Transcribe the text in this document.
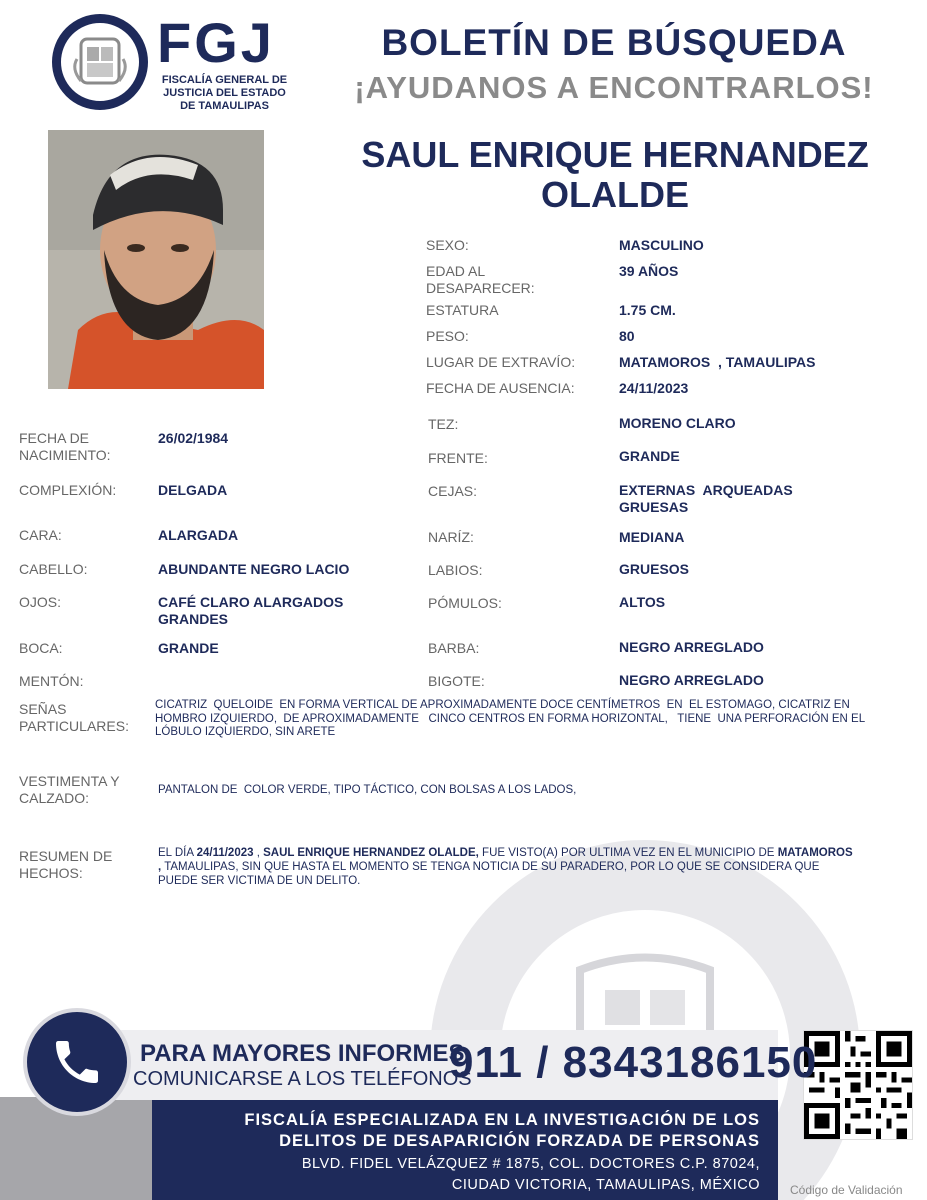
FGJ
FISCALÍA GENERAL DE JUSTICIA DEL ESTADO DE TAMAULIPAS
BOLETÍN DE BÚSQUEDA
¡AYUDANOS A ENCONTRARLOS!
SAUL ENRIQUE HERNANDEZ OLALDE
SEXO:	MASCULINO
EDAD AL DESAPARECER:
39 AÑOS
ESTATURA	1.75 CM.
PESO:	80
LUGAR DE EXTRAVÍO:	MATAMOROS  , TAMAULIPAS
FECHA DE AUSENCIA:	24/11/2023
FECHA DE NACIMIENTO:
26/02/1984
COMPLEXIÓN:	DELGADA
CARA:	ALARGADA
CABELLO:	ABUNDANTE NEGRO LACIO
OJOS:	CAFÉ CLARO ALARGADOS GRANDES
BOCA:	GRANDE
MENTÓN:
TEZ:	MORENO CLARO
FRENTE:	GRANDE
CEJAS:	EXTERNAS  ARQUEADAS GRUESAS
NARÍZ:	MEDIANA
LABIOS:	GRUESOS
PÓMULOS:	ALTOS
BARBA:	NEGRO ARREGLADO
BIGOTE:	NEGRO ARREGLADO
SEÑAS PARTICULARES:
CICATRIZ  QUELOIDE  EN FORMA VERTICAL DE APROXIMADAMENTE DOCE CENTÍMETROS  EN  EL ESTOMAGO, CICATRIZ EN HOMBRO IZQUIERDO,  DE APROXIMADAMENTE   CINCO CENTROS EN FORMA HORIZONTAL,   TIENE  UNA PERFORACIÓN EN EL LÓBULO IZQUIERDO, SIN ARETE
VESTIMENTA Y CALZADO:	PANTALON DE  COLOR VERDE, TIPO TÁCTICO, CON BOLSAS A LOS LADOS,
RESUMEN DE HECHOS:
EL DÍA 24/11/2023 , SAUL ENRIQUE HERNANDEZ OLALDE, FUE VISTO(A) POR ULTIMA VEZ EN EL MUNICIPIO DE MATAMOROS , TAMAULIPAS, SIN QUE HASTA EL MOMENTO SE TENGA NOTICIA DE SU PARADERO, POR LO QUE SE CONSIDERA QUE PUEDE SER VICTIMA DE UN DELITO.
PARA MAYORES INFORMES,
COMUNICARSE A LOS TELÉFONOS
911 / 8343186150
FISCALÍA ESPECIALIZADA EN LA INVESTIGACIÓN DE LOS
DELITOS DE DESAPARICIÓN FORZADA DE PERSONAS
BLVD. FIDEL VELÁZQUEZ # 1875, COL. DOCTORES C.P. 87024,
CIUDAD VICTORIA, TAMAULIPAS, MÉXICO	Código de Validación
